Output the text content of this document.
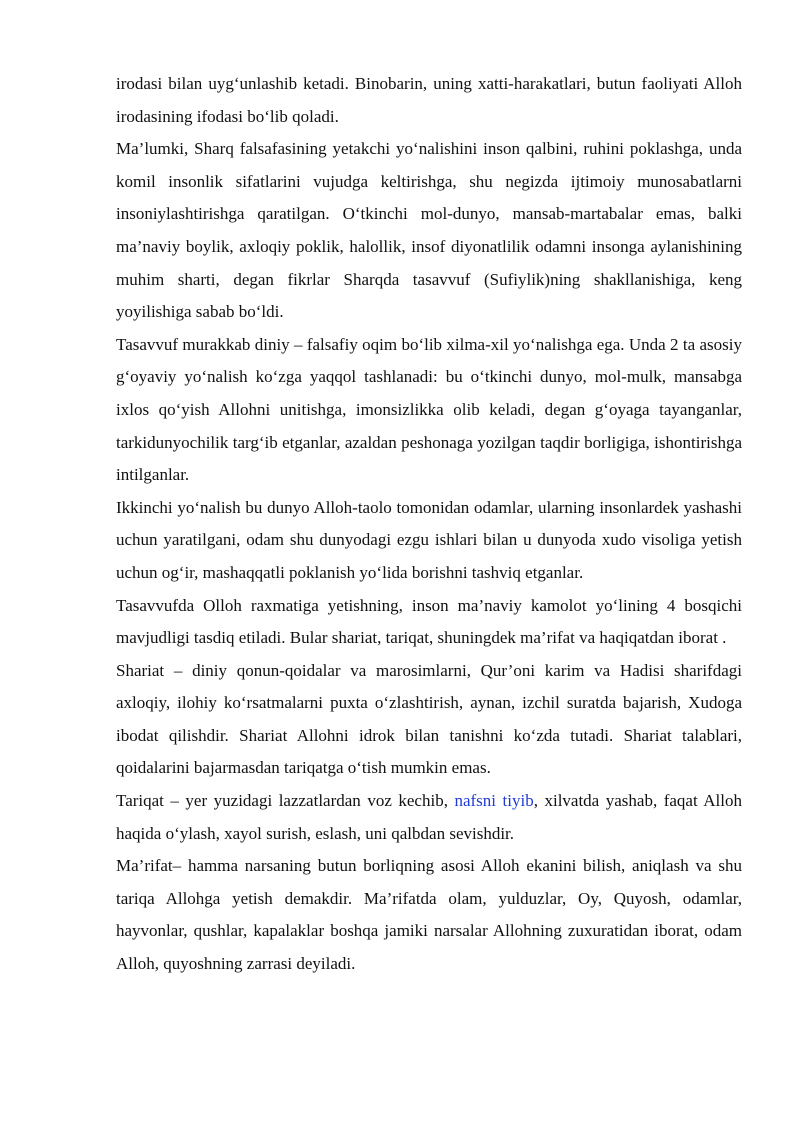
irodasi bilan uyg‘unlashib ketadi. Binobarin, uning xatti-harakatlari, butun faoliyati Alloh irodasining ifodasi bo‘lib qoladi.

Ma’lumki, Sharq falsafasining yetakchi yo‘nalishini inson qalbini, ruhini poklashga, unda komil insonlik sifatlarini vujudga keltirishga, shu negizda ijtimoiy munosabatlarni insoniylashtirishga qaratilgan. O‘tkinchi mol-dunyo, mansab-martabalar emas, balki ma’naviy boylik, axloqiy poklik, halollik, insof diyonatlilik odamni insonga aylanishining muhim sharti, degan fikrlar Sharqda tasavvuf (Sufiylik)ning shakllanishiga, keng yoyilishiga sabab bo‘ldi.

Tasavvuf murakkab diniy – falsafiy oqim bo‘lib xilma-xil yo‘nalishga ega. Unda 2 ta asosiy g‘oyaviy yo‘nalish ko‘zga yaqqol tashlanadi: bu o‘tkinchi dunyo, mol-mulk, mansabga ixlos qo‘yish Allohni unitishga, imonsizlikka olib keladi, degan g‘oyaga tayanganlar, tarkidunyochilik targ‘ib etganlar, azaldan peshonaga yozilgan taqdir borligiga, ishontirishga intilganlar.

Ikkinchi yo‘nalish bu dunyo Alloh-taolo tomonidan odamlar, ularning insonlardek yashashi uchun yaratilgani, odam shu dunyodagi ezgu ishlari bilan u dunyoda xudo visoliga yetish uchun og‘ir, mashaqqatli poklanish yo‘lida borishni tashviq etganlar.

Tasavvufda Olloh raxmatiga yetishning, inson ma’naviy kamolot yo‘lining 4 bosqichi mavjudligi tasdiq etiladi. Bular shariat, tariqat, shuningdek ma’rifat va haqiqatdan iborat .

Shariat – diniy qonun-qoidalar va marosimlarni, Qur’oni karim va Hadisi sharifdagi axloqiy, ilohiy ko‘rsatmalarni puxta o‘zlashtirish, aynan, izchil suratda bajarish, Xudoga ibodat qilishdir. Shariat Allohni idrok bilan tanishni ko‘zda tutadi. Shariat talablari, qoidalarini bajarmasdan tariqatga o‘tish mumkin emas.

Tariqat – yer yuzidagi lazzatlardan voz kechib, nafsni tiyib, xilvatda yashab, faqat Alloh haqida o‘ylash, xayol surish, eslash, uni qalbdan sevishdir.

Ma’rifat– hamma narsaning butun borliqning asosi Alloh ekanini bilish, aniqlash va shu tariqa Allohga yetish demakdir. Ma’rifatda olam, yulduzlar, Oy, Quyosh, odamlar, hayvonlar, qushlar, kapalaklar boshqa jamiki narsalar Allohning zuxuratidan iborat, odam Alloh, quyoshning zarrasi deyiladi.
